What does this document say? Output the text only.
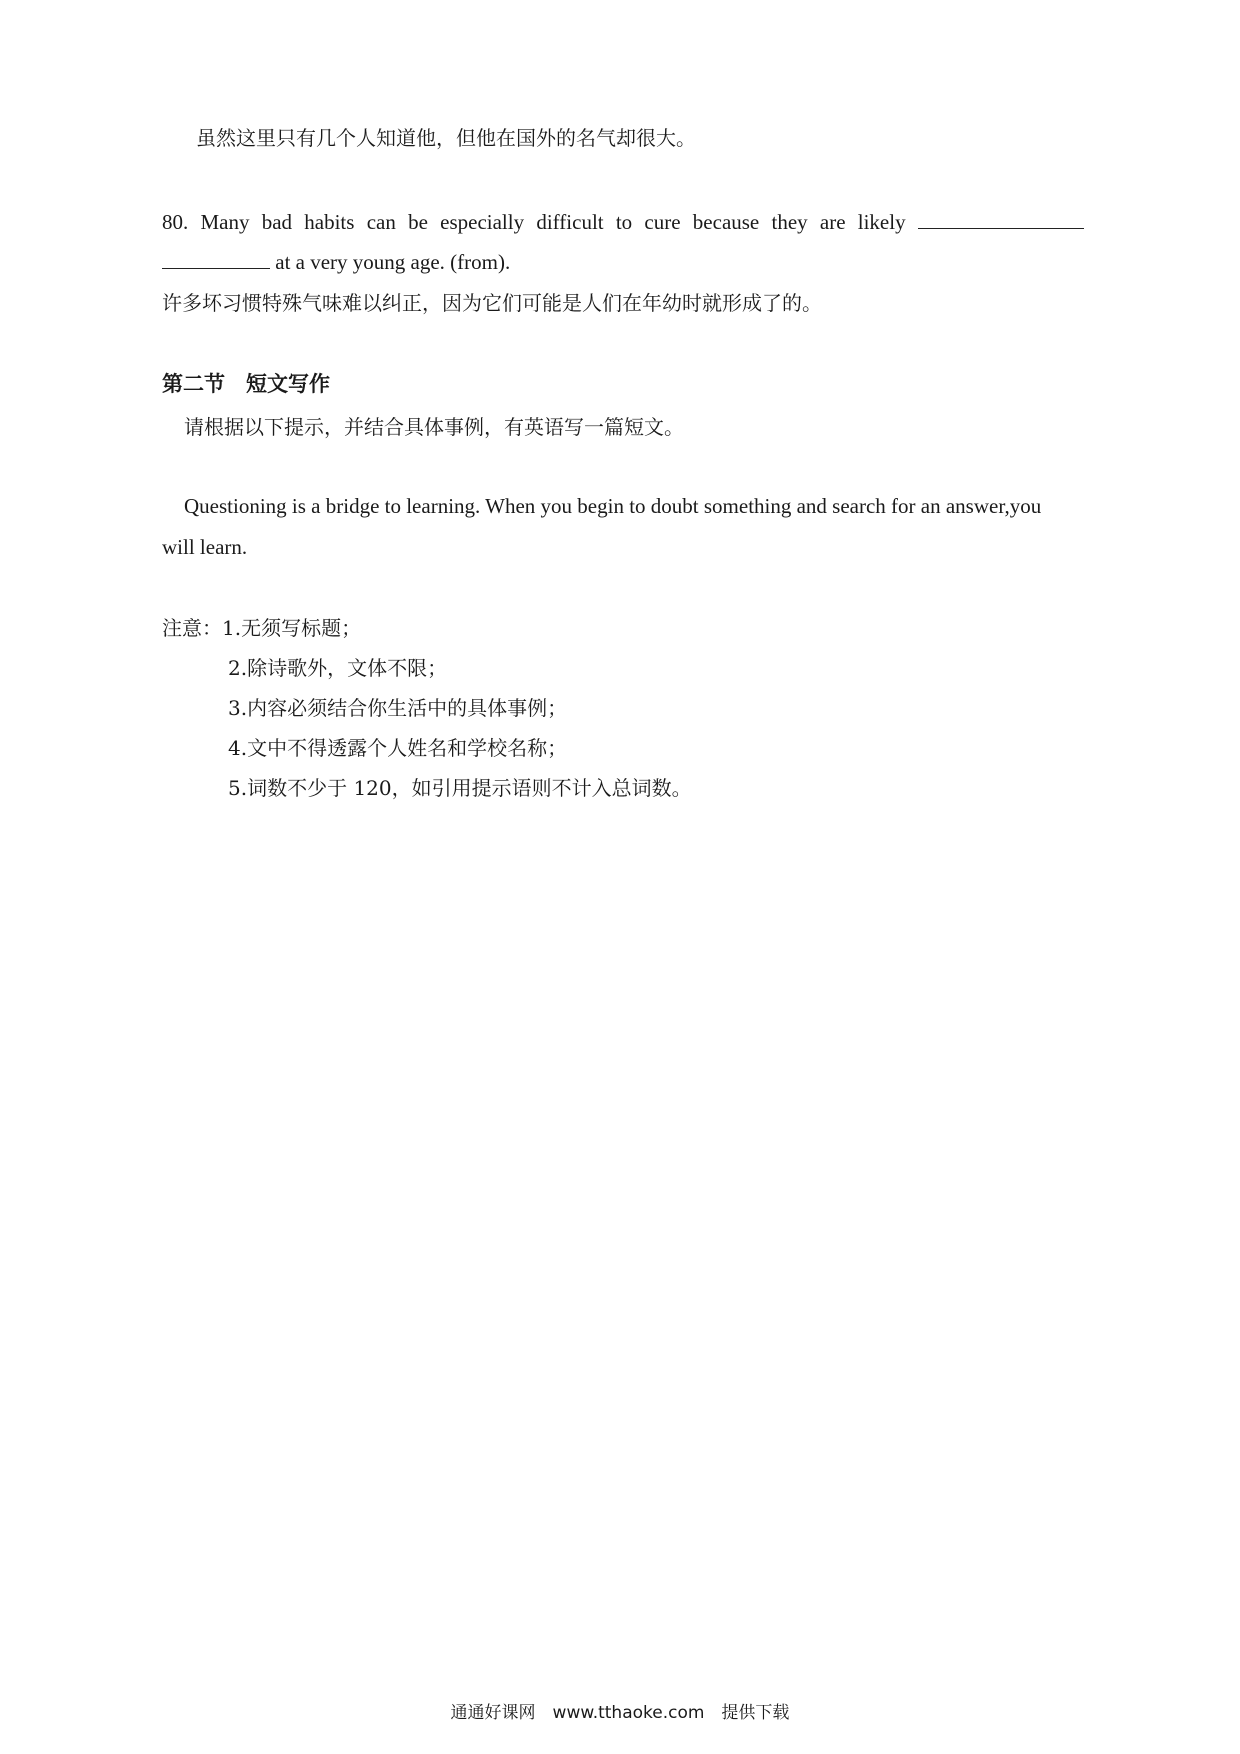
虽然这里只有几个人知道他，但他在国外的名气却很大。
80. Many bad habits can be especially difficult to cure because they are likely
at a very young age. (from).
许多坏习惯特殊气味难以纠正，因为它们可能是人们在年幼时就形成了的。
第二节　短文写作
请根据以下提示，并结合具体事例，有英语写一篇短文。
Questioning is a bridge to learning. When you begin to doubt something and search for an answer,you
will learn.
注意：1.无须写标题；
2.除诗歌外，文体不限；
3.内容必须结合你生活中的具体事例；
4.文中不得透露个人姓名和学校名称；
5.词数不少于 120，如引用提示语则不计入总词数。
通通好课网　www.tthaoke.com　提供下载
